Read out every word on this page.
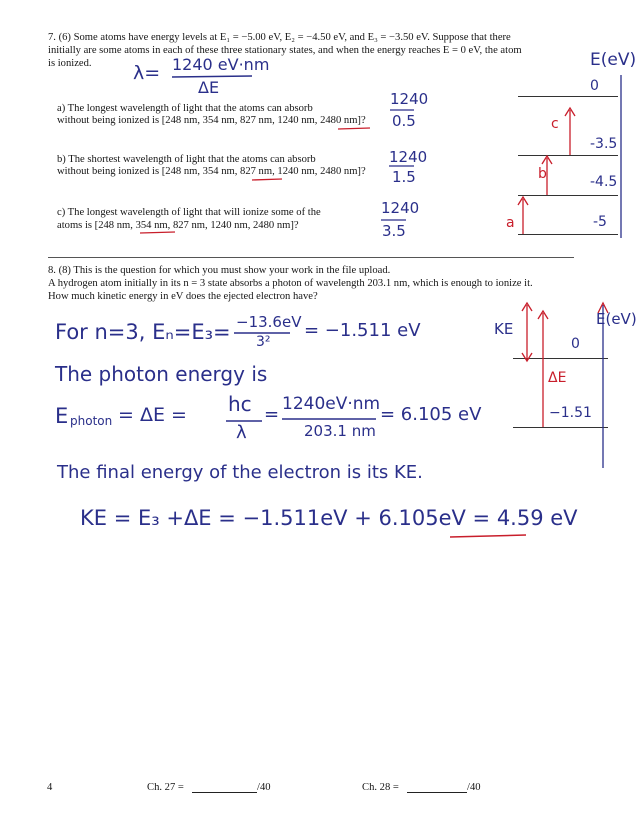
7. (6) Some atoms have energy levels at E₁ = −5.00 eV, E₂ = −4.50 eV, and E₃ = −3.50 eV. Suppose that there
initially are some atoms in each of these three stationary states, and when the energy reaches E = 0 eV, the atom
is ionized.
a) The longest wavelength of light that the atoms can absorb
without being ionized is [248 nm, 354 nm, 827 nm, 1240 nm, 2480 nm]?
b) The shortest wavelength of light that the atoms can absorb
without being ionized is [248 nm, 354 nm, 827 nm, 1240 nm, 2480 nm]?
c) The longest wavelength of light that will ionize some of the
atoms is [248 nm, 354 nm, 827 nm, 1240 nm, 2480 nm]?
λ= 1240 eV·nm
ΔE
1240
0.5
1240
1.5
1240
3.5
E(eV)
0
-3.5
-4.5
-5
c
b
a
8. (8) This is the question for which you must show your work in the file upload.
A hydrogen atom initially in its n = 3 state absorbs a photon of wavelength 203.1 nm, which is enough to ionize it.
How much kinetic energy in eV does the ejected electron have?
For n=3, Eₙ=E₃= −13.6eV
3²
= −1.511 eV
The photon energy is
E photon = ΔE = hc
λ
= 1240eV·nm
203.1 nm
= 6.105 eV
The final energy of the electron is its KE.
KE = E₃ +ΔE = −1.511eV + 6.105eV = 4.59 eV
KE
E(eV)
0
ΔE
−1.51
4	Ch. 27 =	/40	Ch. 28 =	/40
